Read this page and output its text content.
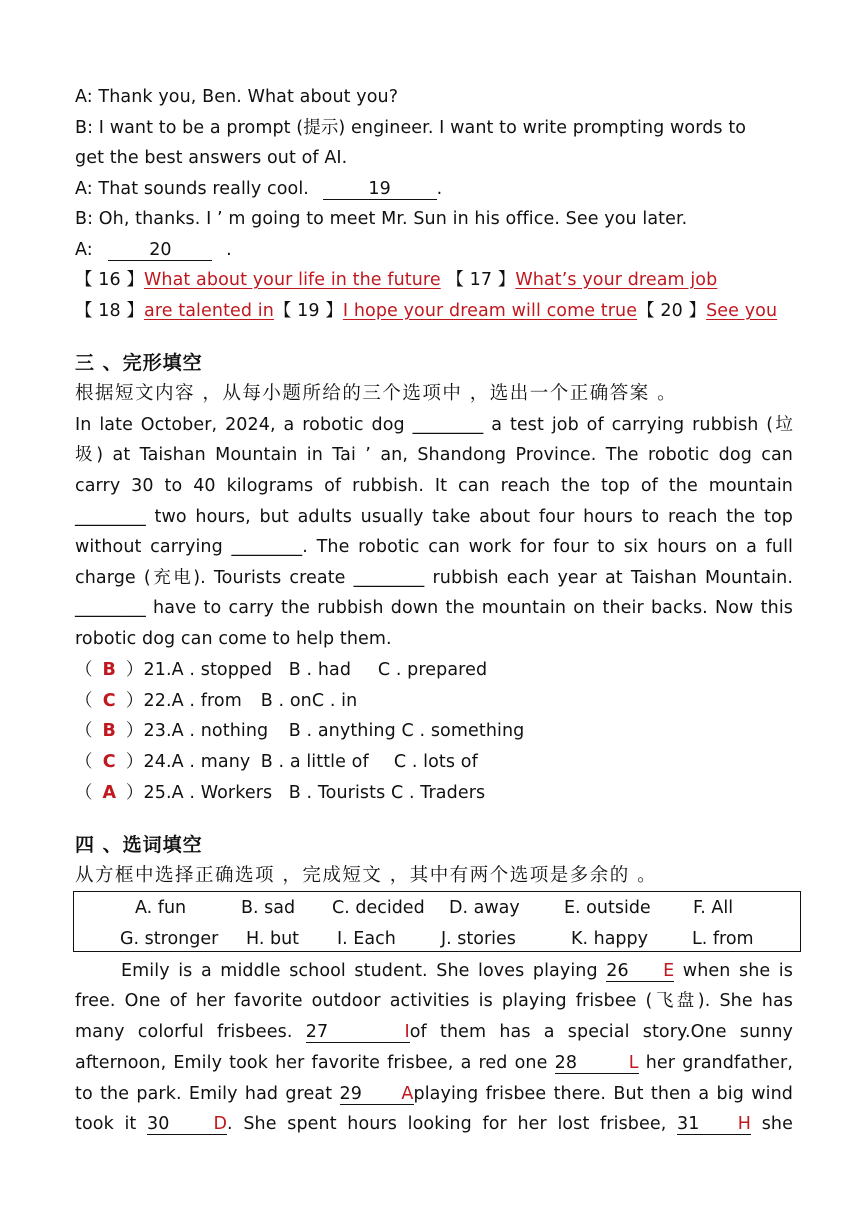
A: Thank you, Ben. What about you?
B: I want to be a prompt (提示) engineer. I want to write prompting words to
get the best answers out of AI.
A: That sounds really cool.	19	.
B: Oh, thanks. I ’ m going to meet Mr. Sun in his office. See you later.
A:	20	.
【 16 】What about your life in the future 【 17 】What’s your dream job
【 18 】are talented in【 19 】I hope your dream will come true【 20 】See you
三 、完形填空
根据短文内容 ，从每小题所给的三个选项中 ，选出一个正确答案 。
In late October, 2024, a robotic dog ________ a test job of carrying rubbish (垃
圾) at Taishan Mountain in Tai ’ an, Shandong Province. The robotic dog can
carry 30 to 40 kilograms of rubbish. It can reach the top of the mountain
________ two hours, but adults usually take about four hours to reach the top
without carrying ________. The robotic can work for four to six hours on a full
charge (充电). Tourists create ________ rubbish each year at Taishan Mountain.
________ have to carry the rubbish down the mountain on their backs. Now this
robotic dog can come to help them.
（ B ）21.A . stopped B . had C . prepared
（ C ）22.A . from B . onC . in
（ B ）23.A . nothing B . anything C . something
（ C ）24.A . many B . a little of C . lots of
（ A ）25.A . Workers B . Tourists C . Traders
四 、选词填空
从方框中选择正确选项 ，完成短文 ，其中有两个选项是多余的 。
A. fun	B. sad C. decided D. away	E. outside F. All
G. stronger H. but I. Each	J. stories	K. happy	L. from
Emily is a middle school student. She loves playing 26 E when she is
free. One of her favorite outdoor activities is playing frisbee (飞盘). She has
many colorful frisbees. 27	Iof them has a special story.One sunny
afternoon, Emily took her favorite frisbee, a red one 28	L her grandfather,
to the park. Emily had great 29 Aplaying frisbee there. But then a big wind
took it 30	D. She spent hours looking for her lost frisbee, 31 H she
